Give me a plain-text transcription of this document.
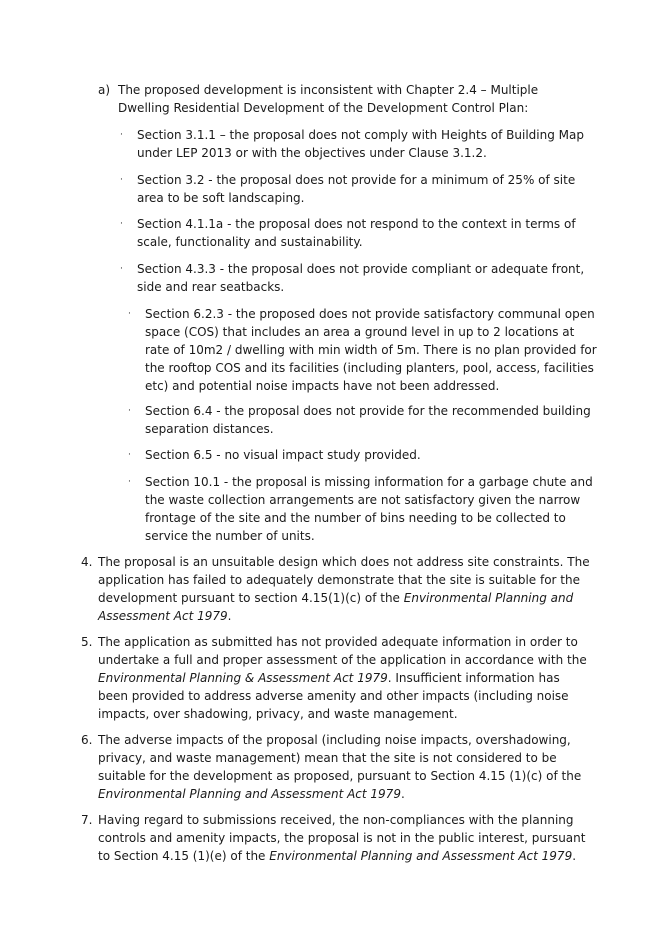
a) The proposed development is inconsistent with Chapter 2.4 – Multiple Dwelling Residential Development of the Development Control Plan:
· Section 3.1.1 – the proposal does not comply with Heights of Building Map under LEP 2013 or with the objectives under Clause 3.1.2.
· Section 3.2 - the proposal does not provide for a minimum of 25% of site area to be soft landscaping.
· Section 4.1.1a - the proposal does not respond to the context in terms of scale, functionality and sustainability.
· Section 4.3.3 - the proposal does not provide compliant or adequate front, side and rear seatbacks.
· Section 6.2.3 - the proposed does not provide satisfactory communal open space (COS) that includes an area a ground level in up to 2 locations at rate of 10m2 / dwelling with min width of 5m. There is no plan provided for the rooftop COS and its facilities (including planters, pool, access, facilities etc) and potential noise impacts have not been addressed.
· Section 6.4 - the proposal does not provide for the recommended building separation distances.
· Section 6.5 - no visual impact study provided.
· Section 10.1 - the proposal is missing information for a garbage chute and the waste collection arrangements are not satisfactory given the narrow frontage of the site and the number of bins needing to be collected to service the number of units.
4. The proposal is an unsuitable design which does not address site constraints. The application has failed to adequately demonstrate that the site is suitable for the development pursuant to section 4.15(1)(c) of the Environmental Planning and Assessment Act 1979.
5. The application as submitted has not provided adequate information in order to undertake a full and proper assessment of the application in accordance with the Environmental Planning & Assessment Act 1979. Insufficient information has been provided to address adverse amenity and other impacts (including noise impacts, over shadowing, privacy, and waste management.
6. The adverse impacts of the proposal (including noise impacts, overshadowing, privacy, and waste management) mean that the site is not considered to be suitable for the development as proposed, pursuant to Section 4.15 (1)(c) of the Environmental Planning and Assessment Act 1979.
7. Having regard to submissions received, the non-compliances with the planning controls and amenity impacts, the proposal is not in the public interest, pursuant to Section 4.15 (1)(e) of the Environmental Planning and Assessment Act 1979.
